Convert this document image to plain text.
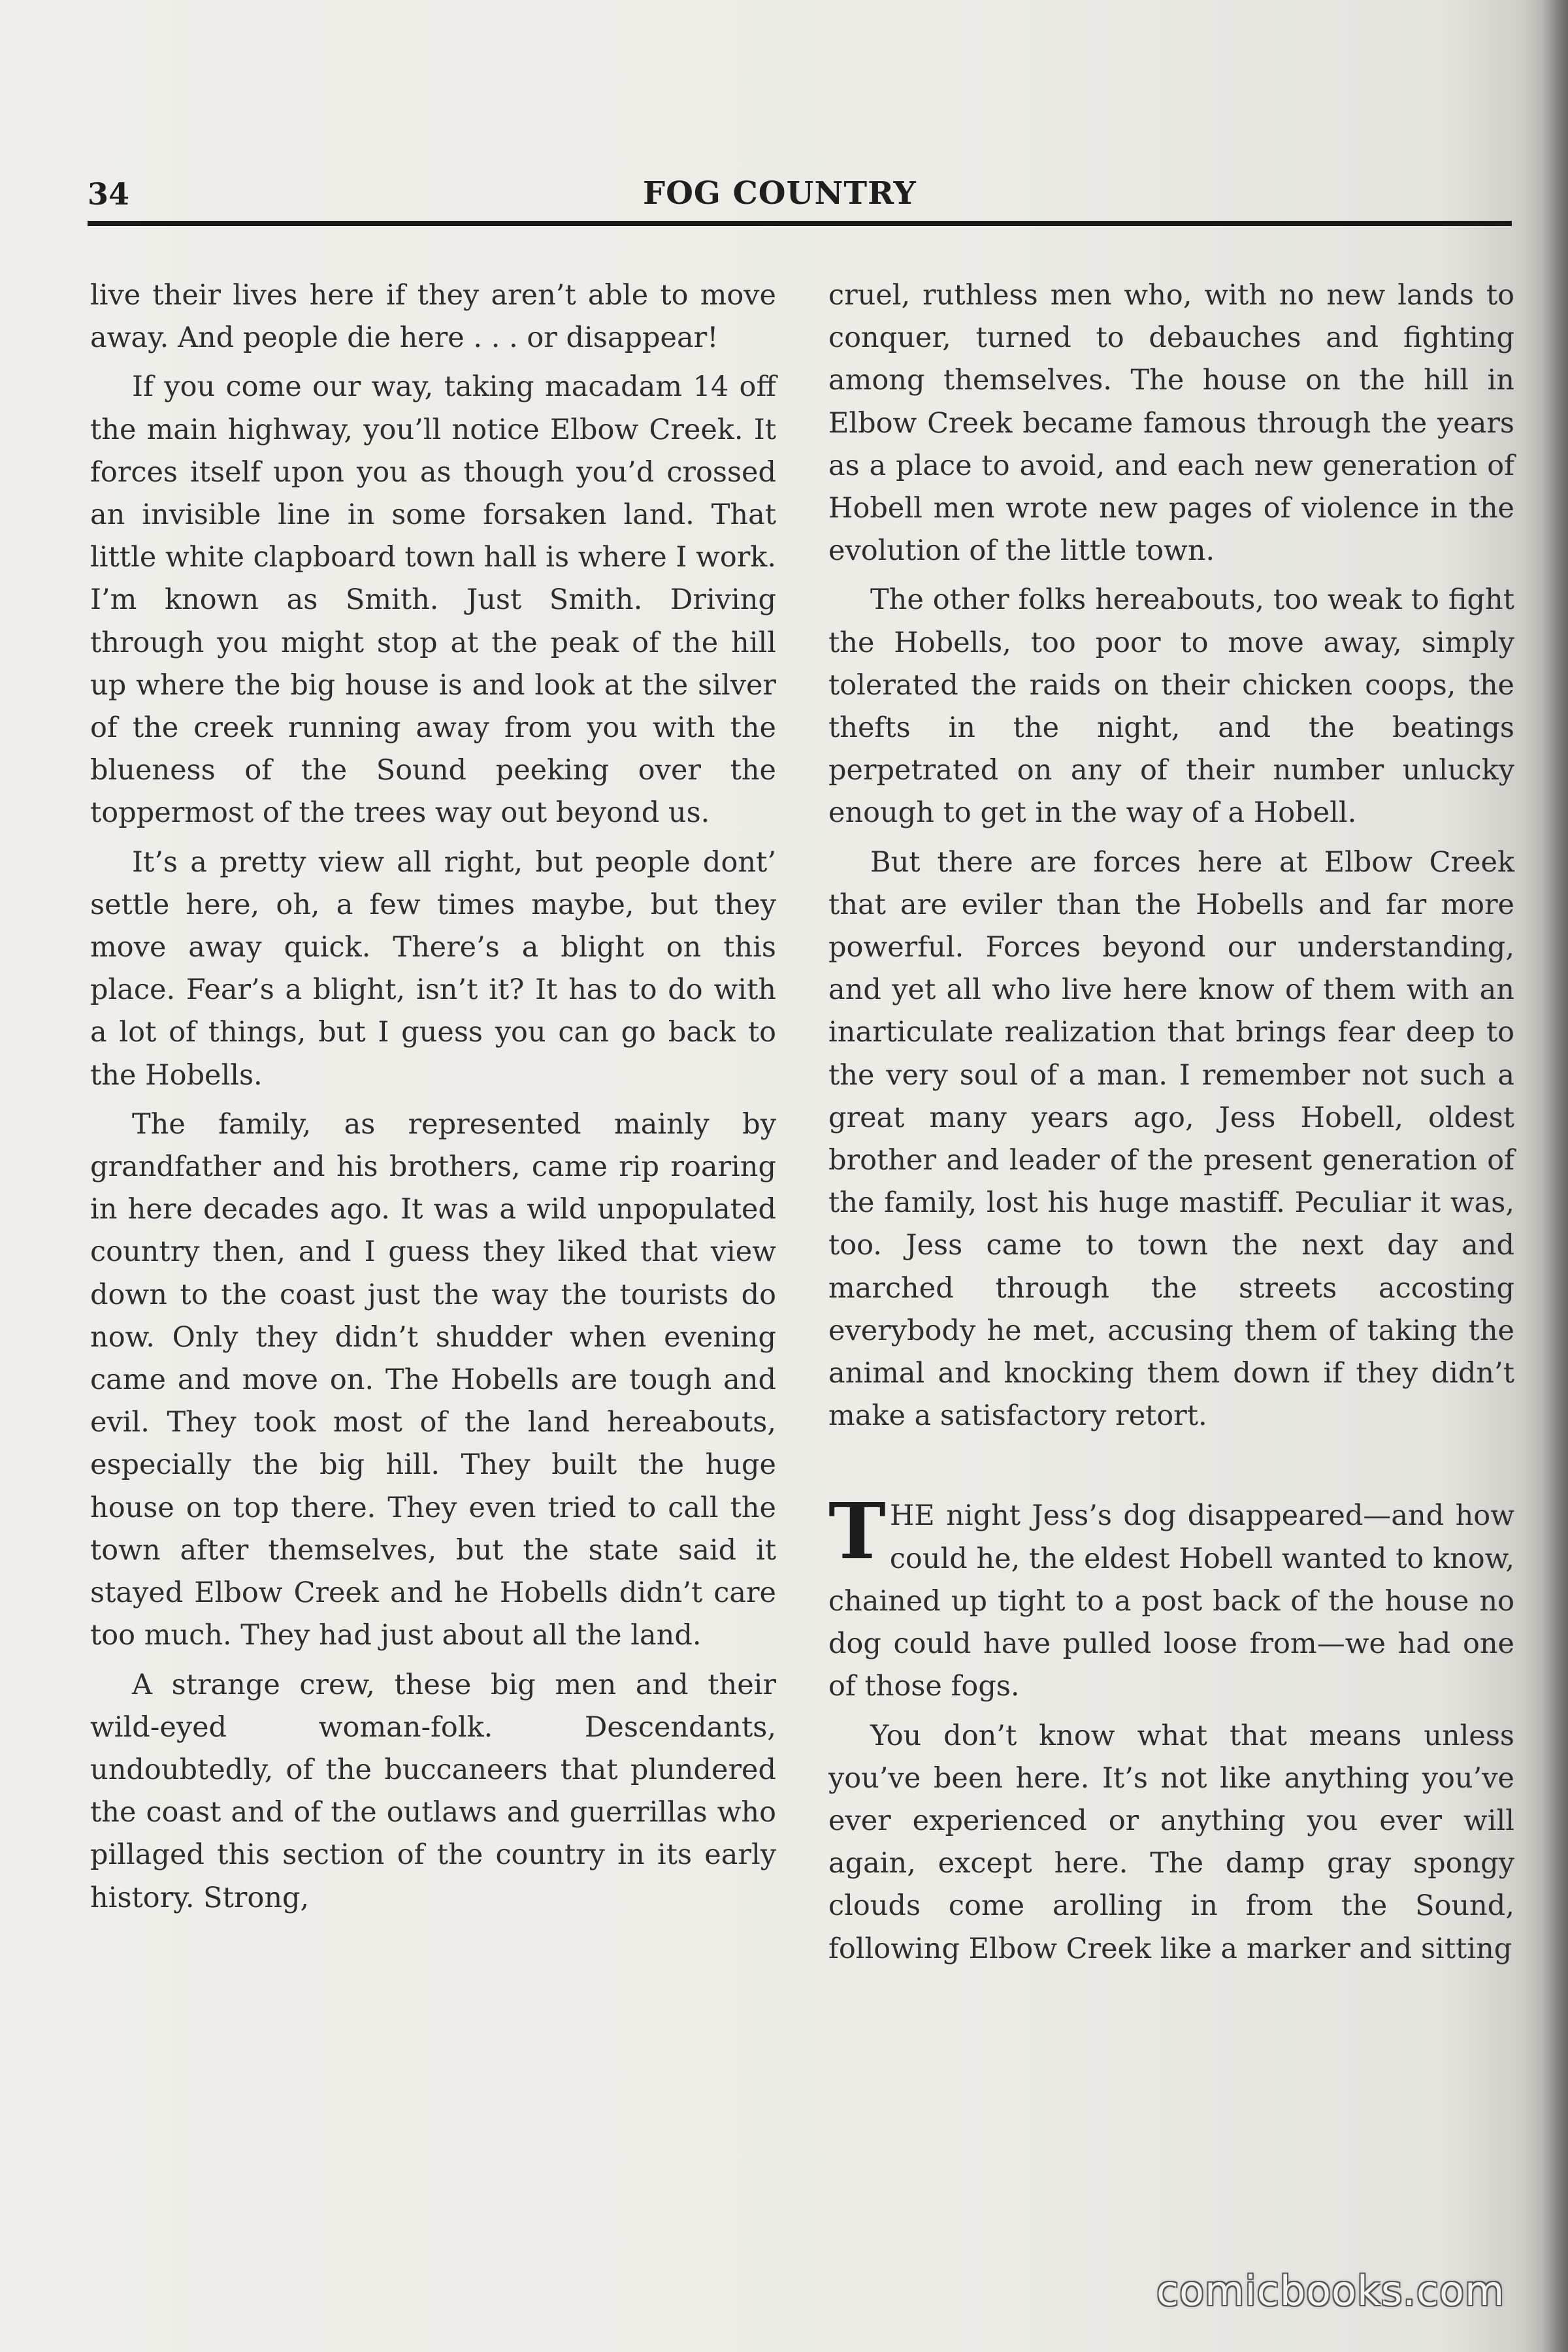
34	FOG COUNTRY

live their lives here if they aren’t able to move away. And people die here . . . or disappear!

If you come our way, taking macadam 14 off the main highway, you’ll notice Elbow Creek. It forces itself upon you as though you’d crossed an invisible line in some forsaken land. That little white clapboard town hall is where I work. I’m known as Smith. Just Smith. Driving through you might stop at the peak of the hill up where the big house is and look at the silver of the creek running away from you with the blueness of the Sound peeking over the toppermost of the trees way out beyond us.

It’s a pretty view all right, but people dont’ settle here, oh, a few times maybe, but they move away quick. There’s a blight on this place. Fear’s a blight, isn’t it? It has to do with a lot of things, but I guess you can go back to the Hobells.

The family, as represented mainly by grandfather and his brothers, came rip roaring in here decades ago. It was a wild unpopulated country then, and I guess they liked that view down to the coast just the way the tourists do now. Only they didn’t shudder when evening came and move on. The Hobells are tough and evil. They took most of the land hereabouts, especially the big hill. They built the huge house on top there. They even tried to call the town after themselves, but the state said it stayed Elbow Creek and he Hobells didn’t care too much. They had just about all the land.

A strange crew, these big men and their wild-eyed woman-folk. Descendants, undoubtedly, of the buccaneers that plundered the coast and of the outlaws and guerrillas who pillaged this section of the country in its early history. Strong,

cruel, ruthless men who, with no new lands to conquer, turned to debauches and fighting among themselves. The house on the hill in Elbow Creek became famous through the years as a place to avoid, and each new generation of Hobell men wrote new pages of violence in the evolution of the little town.

The other folks hereabouts, too weak to fight the Hobells, too poor to move away, simply tolerated the raids on their chicken coops, the thefts in the night, and the beatings perpetrated on any of their number unlucky enough to get in the way of a Hobell.

But there are forces here at Elbow Creek that are eviler than the Hobells and far more powerful. Forces beyond our understanding, and yet all who live here know of them with an inarticulate realization that brings fear deep to the very soul of a man. I remember not such a great many years ago, Jess Hobell, oldest brother and leader of the present generation of the family, lost his huge mastiff. Peculiar it was, too. Jess came to town the next day and marched through the streets accosting everybody he met, accusing them of taking the animal and knocking them down if they didn’t make a satisfactory retort.

THE night Jess’s dog disappeared—and how could he, the eldest Hobell wanted to know, chained up tight to a post back of the house no dog could have pulled loose from—we had one of those fogs.

You don’t know what that means unless you’ve been here. It’s not like anything you’ve ever experienced or anything you ever will again, except here. The damp gray spongy clouds come arolling in from the Sound, following Elbow Creek like a marker and sitting

comicbooks.com
